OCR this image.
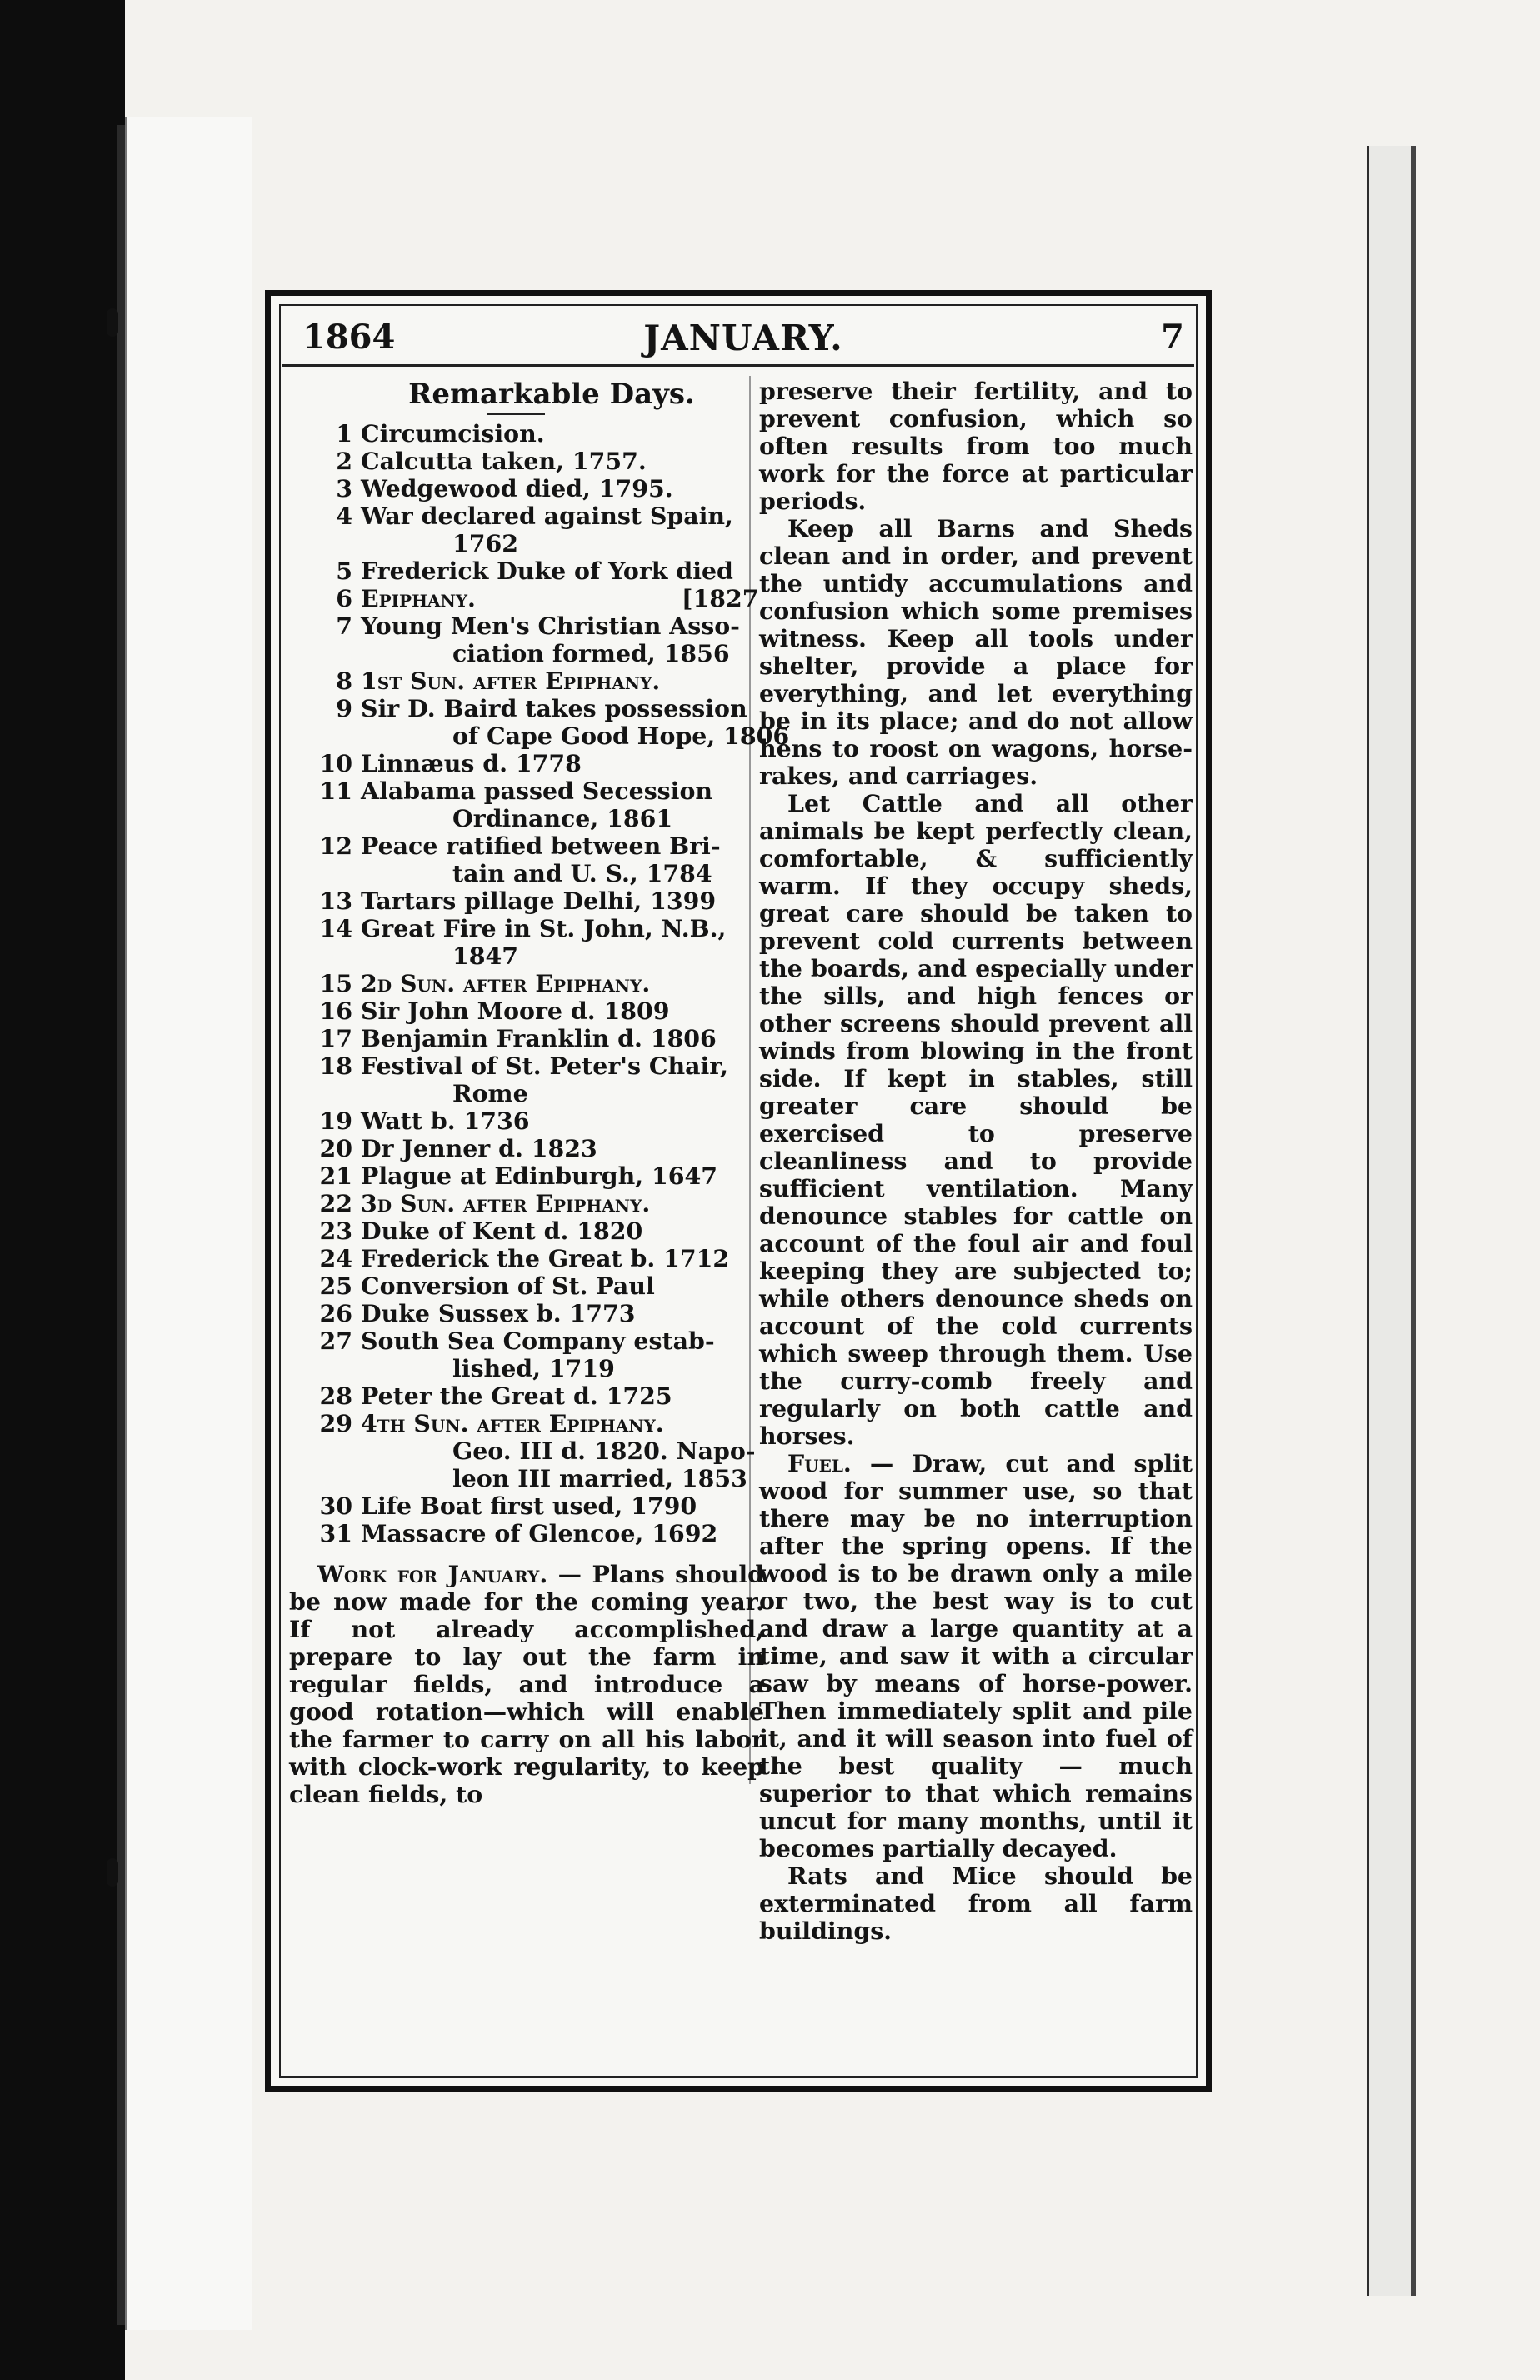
1864	JANUARY.	7
Remarkable Days.
1 Circumcision.
2 Calcutta taken, 1757.
3 Wedgewood died, 1795.
4 War declared against Spain,
1762
5 Frederick Duke of York died
6 Epiphany.                         [1827
7 Young Men's Christian Asso-
ciation formed, 1856
8 1st Sun. after Epiphany.
9 Sir D. Baird takes possession
of Cape Good Hope, 1806
10 Linnæus d. 1778
11 Alabama passed Secession
Ordinance, 1861
12 Peace ratified between Bri-
tain and U. S., 1784
13 Tartars pillage Delhi, 1399
14 Great Fire in St. John, N.B.,
1847
15 2d Sun. after Epiphany.
16 Sir John Moore d. 1809
17 Benjamin Franklin d. 1806
18 Festival of St. Peter's Chair,
Rome
19 Watt b. 1736
20 Dr Jenner d. 1823
21 Plague at Edinburgh, 1647
22 3d Sun. after Epiphany.
23 Duke of Kent d. 1820
24 Frederick the Great b. 1712
25 Conversion of St. Paul
26 Duke Sussex b. 1773
27 South Sea Company estab-
lished, 1719
28 Peter the Great d. 1725
29 4th Sun. after Epiphany.
Geo. III d. 1820. Napo-
leon III married, 1853
30 Life Boat first used, 1790
31 Massacre of Glencoe, 1692

Work for January. — Plans should be now made for the coming year. If not already accomplished, prepare to lay out the farm in regular fields, and introduce a good rotation—which will enable the farmer to carry on all his labor with clock-work regularity, to keep clean fields, to

preserve their fertility, and to prevent confusion, which so often results from too much work for the force at particular periods.

Keep all Barns and Sheds clean and in order, and prevent the untidy accumulations and confusion which some premises witness. Keep all tools under shelter, provide a place for everything, and let everything be in its place; and do not allow hens to roost on wagons, horse-rakes, and carriages.

Let Cattle and all other animals be kept perfectly clean, comfortable, & sufficiently warm. If they occupy sheds, great care should be taken to prevent cold currents between the boards, and especially under the sills, and high fences or other screens should prevent all winds from blowing in the front side. If kept in stables, still greater care should be exercised to preserve cleanliness and to provide sufficient ventilation. Many denounce stables for cattle on account of the foul air and foul keeping they are subjected to; while others denounce sheds on account of the cold currents which sweep through them. Use the curry-comb freely and regularly on both cattle and horses.

Fuel. — Draw, cut and split wood for summer use, so that there may be no interruption after the spring opens. If the wood is to be drawn only a mile or two, the best way is to cut and draw a large quantity at a time, and saw it with a circular saw by means of horse-power. Then immediately split and pile it, and it will season into fuel of the best quality — much superior to that which remains uncut for many months, until it becomes partially decayed.

Rats and Mice should be exterminated from all farm buildings.
